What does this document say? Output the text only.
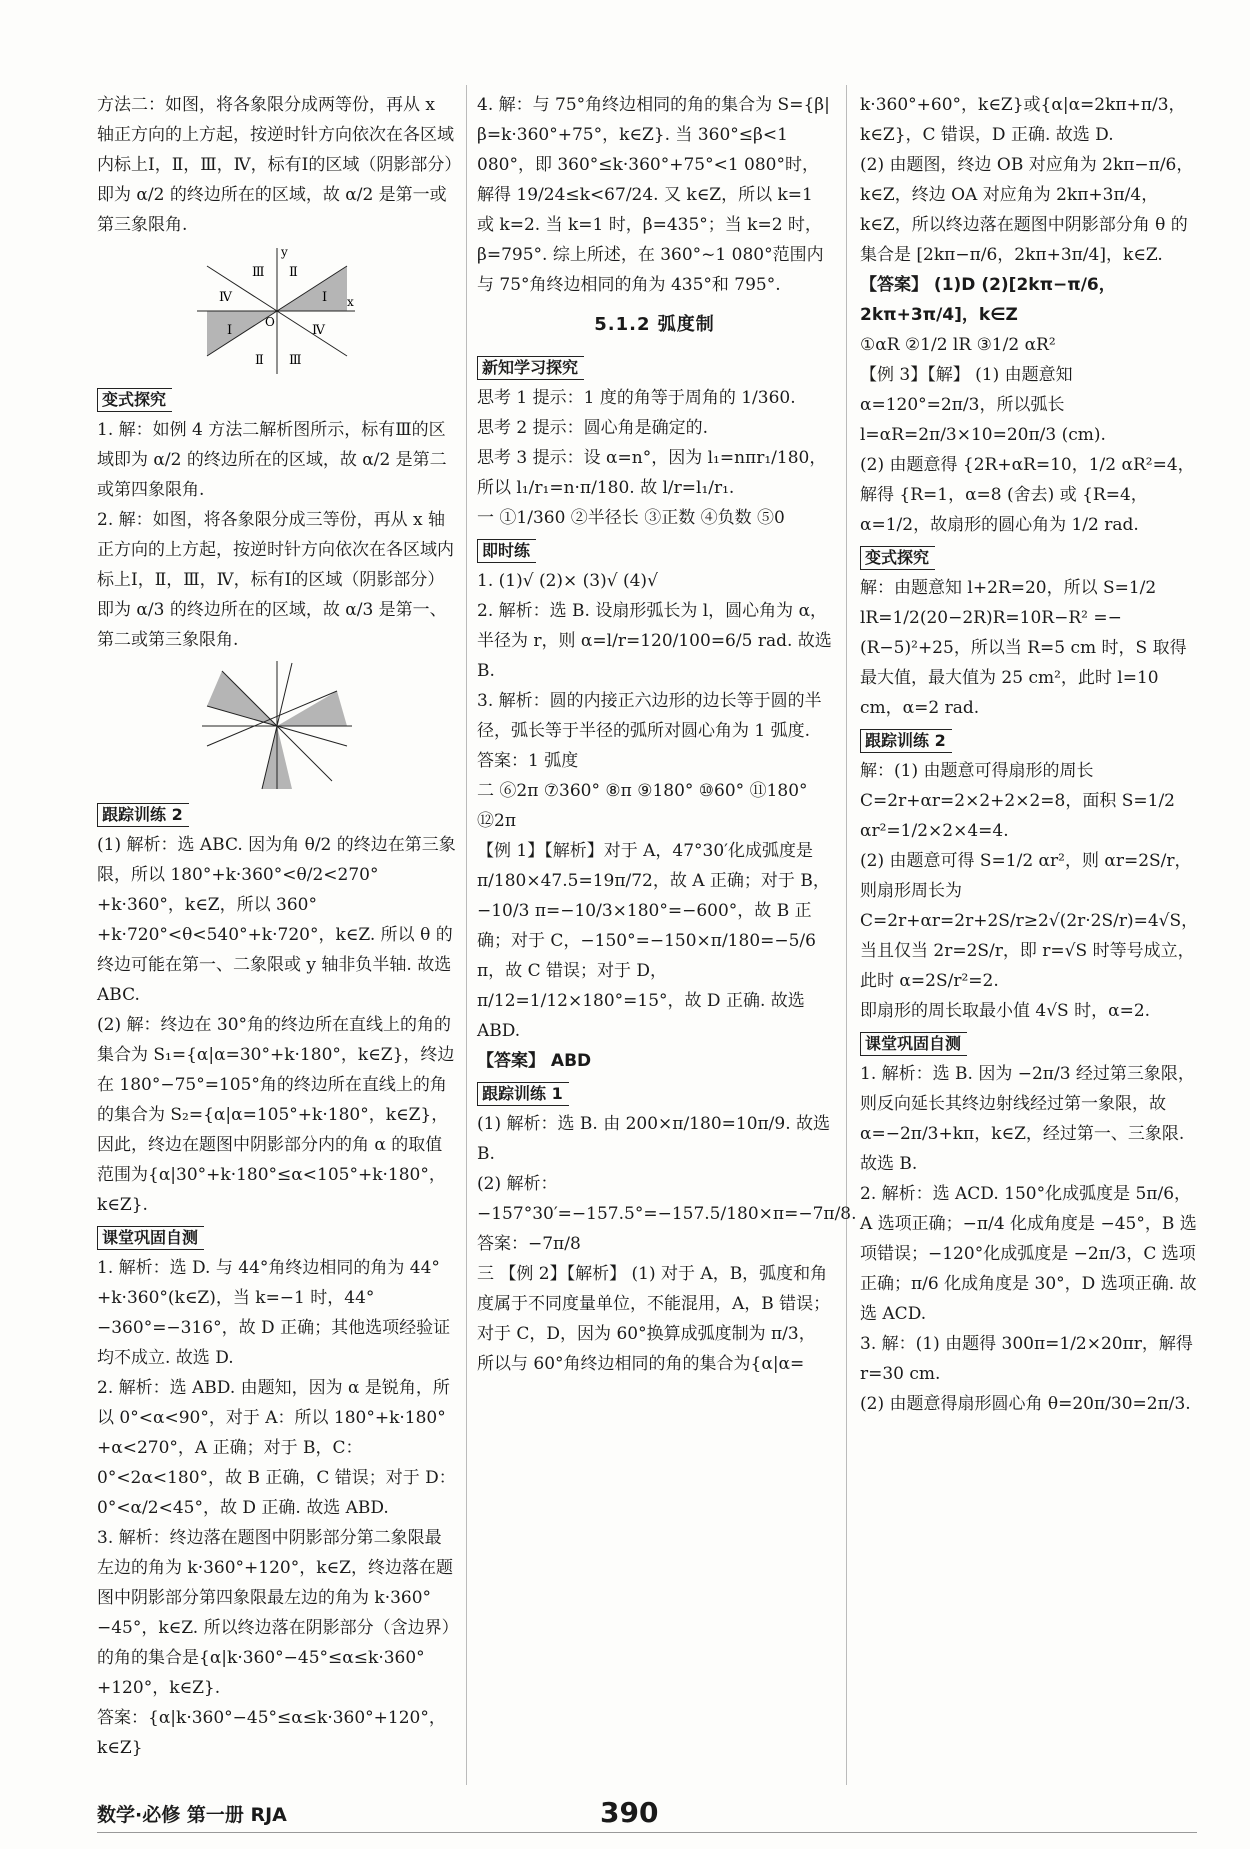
方法二：如图，将各象限分成两等份，再从 x 轴正方向的上方起，按逆时针方向依次在各区域内标上Ⅰ，Ⅱ，Ⅲ，Ⅳ，标有Ⅰ的区域（阴影部分）即为 α/2 的终边所在的区域，故 α/2 是第一或第三象限角.

y
Ⅲ Ⅱ
Ⅳ	Ⅰ
Ⅰ
O
Ⅳ
x
Ⅱ Ⅲ
变式探究

1. 解：如例 4 方法二解析图所示，标有Ⅲ的区域即为 α/2 的终边所在的区域，故 α/2 是第二或第四象限角.

2. 解：如图，将各象限分成三等份，再从 x 轴正方向的上方起，按逆时针方向依次在各区域内标上Ⅰ，Ⅱ，Ⅲ，Ⅳ，标有Ⅰ的区域（阴影部分）即为 α/3 的终边所在的区域，故 α/3 是第一、第二或第三象限角.

跟踪训练 2

(1) 解析：选 ABC. 因为角 θ/2 的终边在第三象限，所以 180°+k·360°<θ/2<270°+k·360°，k∈Z，所以 360°+k·720°<θ<540°+k·720°，k∈Z. 所以 θ 的终边可能在第一、二象限或 y 轴非负半轴. 故选 ABC.

(2) 解：终边在 30°角的终边所在直线上的角的集合为 S₁={α|α=30°+k·180°，k∈Z}，终边在 180°−75°=105°角的终边所在直线上的角的集合为 S₂={α|α=105°+k·180°，k∈Z}，因此，终边在题图中阴影部分内的角 α 的取值范围为{α|30°+k·180°≤α<105°+k·180°，k∈Z}.

课堂巩固自测

1. 解析：选 D. 与 44°角终边相同的角为 44°+k·360°(k∈Z)，当 k=−1 时，44°−360°=−316°，故 D 正确；其他选项经验证均不成立. 故选 D.

2. 解析：选 ABD. 由题知，因为 α 是锐角，所以 0°<α<90°，对于 A：所以 180°+k·180°+α<270°，A 正确；对于 B，C：0°<2α<180°，故 B 正确，C 错误；对于 D：0°<α/2<45°，故 D 正确. 故选 ABD.

3. 解析：终边落在题图中阴影部分第二象限最左边的角为 k·360°+120°，k∈Z，终边落在题图中阴影部分第四象限最左边的角为 k·360°−45°，k∈Z. 所以终边落在阴影部分（含边界）的角的集合是{α|k·360°−45°≤α≤k·360°+120°，k∈Z}.

答案：{α|k·360°−45°≤α≤k·360°+120°，k∈Z}

4. 解：与 75°角终边相同的角的集合为 S={β|β=k·360°+75°，k∈Z}. 当 360°≤β<1 080°，即 360°≤k·360°+75°<1 080°时，解得 19/24≤k<67/24. 又 k∈Z，所以 k=1 或 k=2. 当 k=1 时，β=435°；当 k=2 时，β=795°. 综上所述，在 360°~1 080°范围内与 75°角终边相同的角为 435°和 795°.

5.1.2 弧度制
新知学习探究

思考 1 提示：1 度的角等于周角的 1/360.

思考 2 提示：圆心角是确定的.

思考 3 提示：设 α=n°，因为 l₁=nπr₁/180，所以 l₁/r₁=n·π/180. 故 l/r=l₁/r₁.

一 ①1/360 ②半径长 ③正数 ④负数 ⑤0

即时练

1. (1)√ (2)× (3)√ (4)√

2. 解析：选 B. 设扇形弧长为 l，圆心角为 α，半径为 r，则 α=l/r=120/100=6/5 rad. 故选 B.

3. 解析：圆的内接正六边形的边长等于圆的半径，弧长等于半径的弧所对圆心角为 1 弧度.

答案：1 弧度

二 ⑥2π ⑦360° ⑧π ⑨180° ⑩60° ⑪180° ⑫2π

【例 1】【解析】对于 A，47°30′化成弧度是 π/180×47.5=19π/72，故 A 正确；对于 B，−10/3 π=−10/3×180°=−600°，故 B 正确；对于 C，−150°=−150×π/180=−5/6 π，故 C 错误；对于 D，π/12=1/12×180°=15°，故 D 正确. 故选 ABD.

【答案】 ABD

跟踪训练 1

(1) 解析：选 B. 由 200×π/180=10π/9. 故选 B.

(2) 解析：−157°30′=−157.5°=−157.5/180×π=−7π/8.

答案：−7π/8

三 【例 2】【解析】 (1) 对于 A，B，弧度和角度属于不同度量单位，不能混用，A，B 错误；对于 C，D，因为 60°换算成弧度制为 π/3，所以与 60°角终边相同的角的集合为{α|α=

k·360°+60°，k∈Z}或{α|α=2kπ+π/3，k∈Z}，C 错误，D 正确. 故选 D.

(2) 由题图，终边 OB 对应角为 2kπ−π/6，k∈Z，终边 OA 对应角为 2kπ+3π/4，k∈Z，所以终边落在题图中阴影部分角 θ 的集合是 [2kπ−π/6，2kπ+3π/4]，k∈Z.

【答案】 (1)D (2)[2kπ−π/6，2kπ+3π/4]，k∈Z

①αR ②1/2 lR ③1/2 αR²

【例 3】【解】 (1) 由题意知 α=120°=2π/3，所以弧长 l=αR=2π/3×10=20π/3 (cm).

(2) 由题意得 {2R+αR=10，1/2 αR²=4，解得 {R=1，α=8 (舍去) 或 {R=4，α=1/2，故扇形的圆心角为 1/2 rad.

变式探究

解：由题意知 l+2R=20，所以 S=1/2 lR=1/2(20−2R)R=10R−R² =−(R−5)²+25，所以当 R=5 cm 时，S 取得最大值，最大值为 25 cm²，此时 l=10 cm，α=2 rad.

跟踪训练 2

解：(1) 由题意可得扇形的周长 C=2r+αr=2×2+2×2=8，面积 S=1/2 αr²=1/2×2×4=4.

(2) 由题意可得 S=1/2 αr²，则 αr=2S/r，则扇形周长为 C=2r+αr=2r+2S/r≥2√(2r·2S/r)=4√S，当且仅当 2r=2S/r，即 r=√S 时等号成立，此时 α=2S/r²=2.

即扇形的周长取最小值 4√S 时，α=2.

课堂巩固自测

1. 解析：选 B. 因为 −2π/3 经过第三象限，则反向延长其终边射线经过第一象限，故 α=−2π/3+kπ，k∈Z，经过第一、三象限. 故选 B.

2. 解析：选 ACD. 150°化成弧度是 5π/6，A 选项正确；−π/4 化成角度是 −45°，B 选项错误；−120°化成弧度是 −2π/3，C 选项正确；π/6 化成角度是 30°，D 选项正确. 故选 ACD.

3. 解：(1) 由题得 300π=1/2×20πr，解得 r=30 cm.

(2) 由题意得扇形圆心角 θ=20π/30=2π/3.

数学·必修 第一册 RJA	390
